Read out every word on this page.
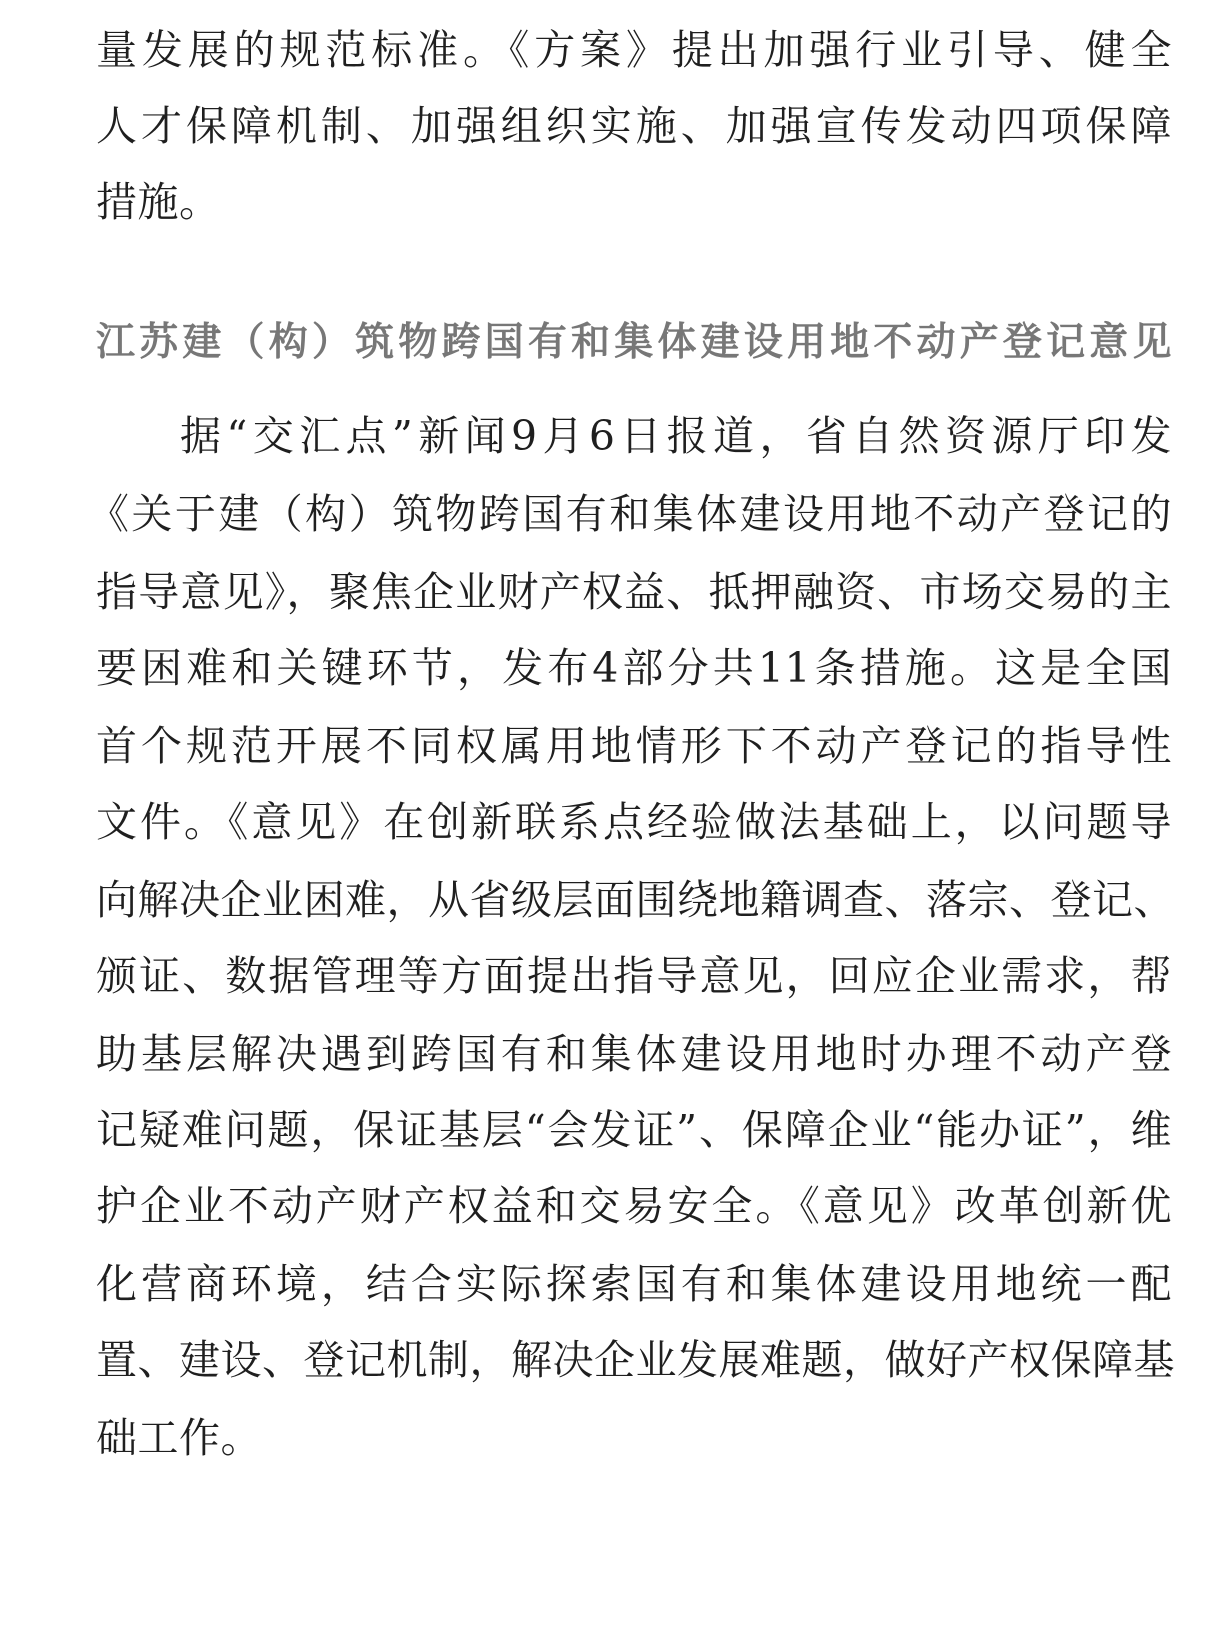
量发展的规范标准。《方案》提出加强行业引导、健全
人才保障机制、加强组织实施、加强宣传发动四项保障
措施。
江苏建（构）筑物跨国有和集体建设用地不动产登记意见
据“交汇点”新闻9月6日报道，省自然资源厅印发
《关于建（构）筑物跨国有和集体建设用地不动产登记的
指导意见》，聚焦企业财产权益、抵押融资、市场交易的主
要困难和关键环节，发布4部分共11条措施。这是全国
首个规范开展不同权属用地情形下不动产登记的指导性
文件。《意见》在创新联系点经验做法基础上，以问题导
向解决企业困难，从省级层面围绕地籍调查、落宗、登记、
颁证、数据管理等方面提出指导意见，回应企业需求，帮
助基层解决遇到跨国有和集体建设用地时办理不动产登
记疑难问题，保证基层“会发证”、保障企业“能办证”，维
护企业不动产财产权益和交易安全。《意见》改革创新优
化营商环境，结合实际探索国有和集体建设用地统一配
置、建设、登记机制，解决企业发展难题，做好产权保障基
础工作。
